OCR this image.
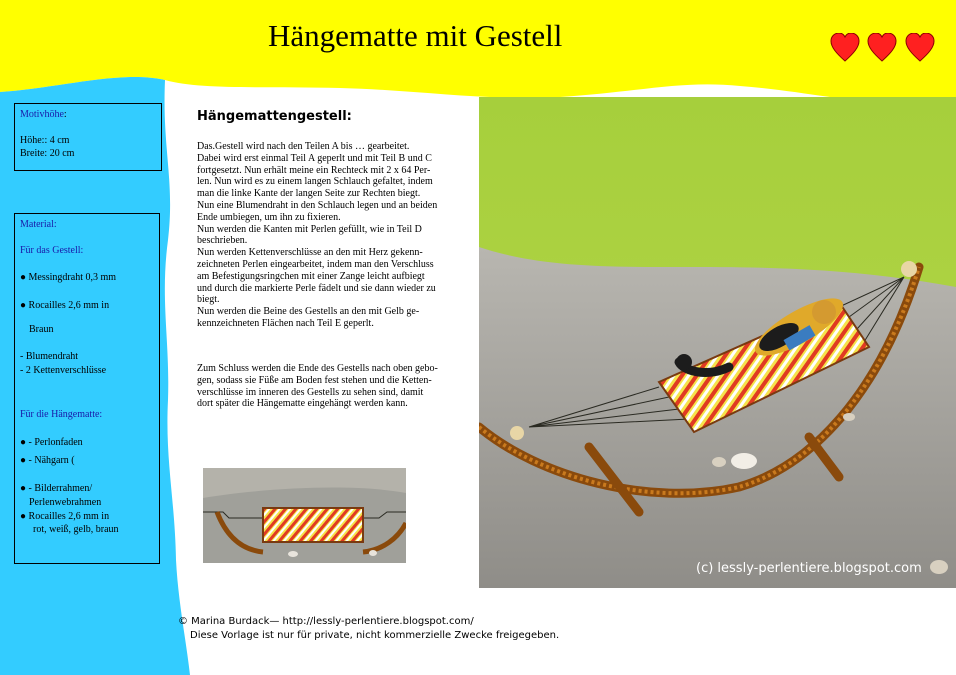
Hängematte mit Gestell
Motivhöhe:
Höhe:: 4 cm
Breite: 20 cm
Material:
Für das Gestell:
● Messingdraht 0,3 mm
● Rocailles 2,6 mm in
Braun
- Blumendraht
- 2 Kettenverschlüsse
Für die Hängematte:
● - Perlonfaden
● - Nähgarn (
● - Bilderrahmen/
Perlenwebrahmen
● Rocailles 2,6 mm in
rot, weiß, gelb, braun
Hängemattengestell:
Das.Gestell wird nach den Teilen A bis … gearbeitet.
Dabei wird erst einmal Teil A geperlt und mit Teil B und C
fortgesetzt. Nun erhält meine ein Rechteck mit 2 x 64 Per-
len. Nun wird es zu einem langen Schlauch gefaltet, indem
man die linke Kante der langen Seite zur Rechten biegt.
Nun eine Blumendraht in den Schlauch legen und an beiden
Ende umbiegen, um ihn zu fixieren.
Nun werden die Kanten mit Perlen gefüllt, wie in Teil D
beschrieben.
Nun werden Kettenverschlüsse an den mit Herz gekenn-
zeichneten Perlen eingearbeitet, indem man den Verschluss
am Befestigungsringchen mit einer Zange leicht aufbiegt
und durch die markierte Perle fädelt und sie dann wieder zu
biegt.
Nun werden die Beine des Gestells an den mit Gelb ge-
kennzeichneten Flächen nach Teil E geperlt.
Zum Schluss werden die Ende des Gestells nach oben gebo-
gen, sodass sie Füße am Boden fest stehen und die Ketten-
verschlüsse im inneren des Gestells zu sehen sind, damit
dort später die Hängematte eingehängt werden kann.
(c) lessly-perlentiere.blogspot.com
© Marina Burdack— http://lessly-perlentiere.blogspot.com/
Diese Vorlage ist nur für private, nicht kommerzielle Zwecke freigegeben.
